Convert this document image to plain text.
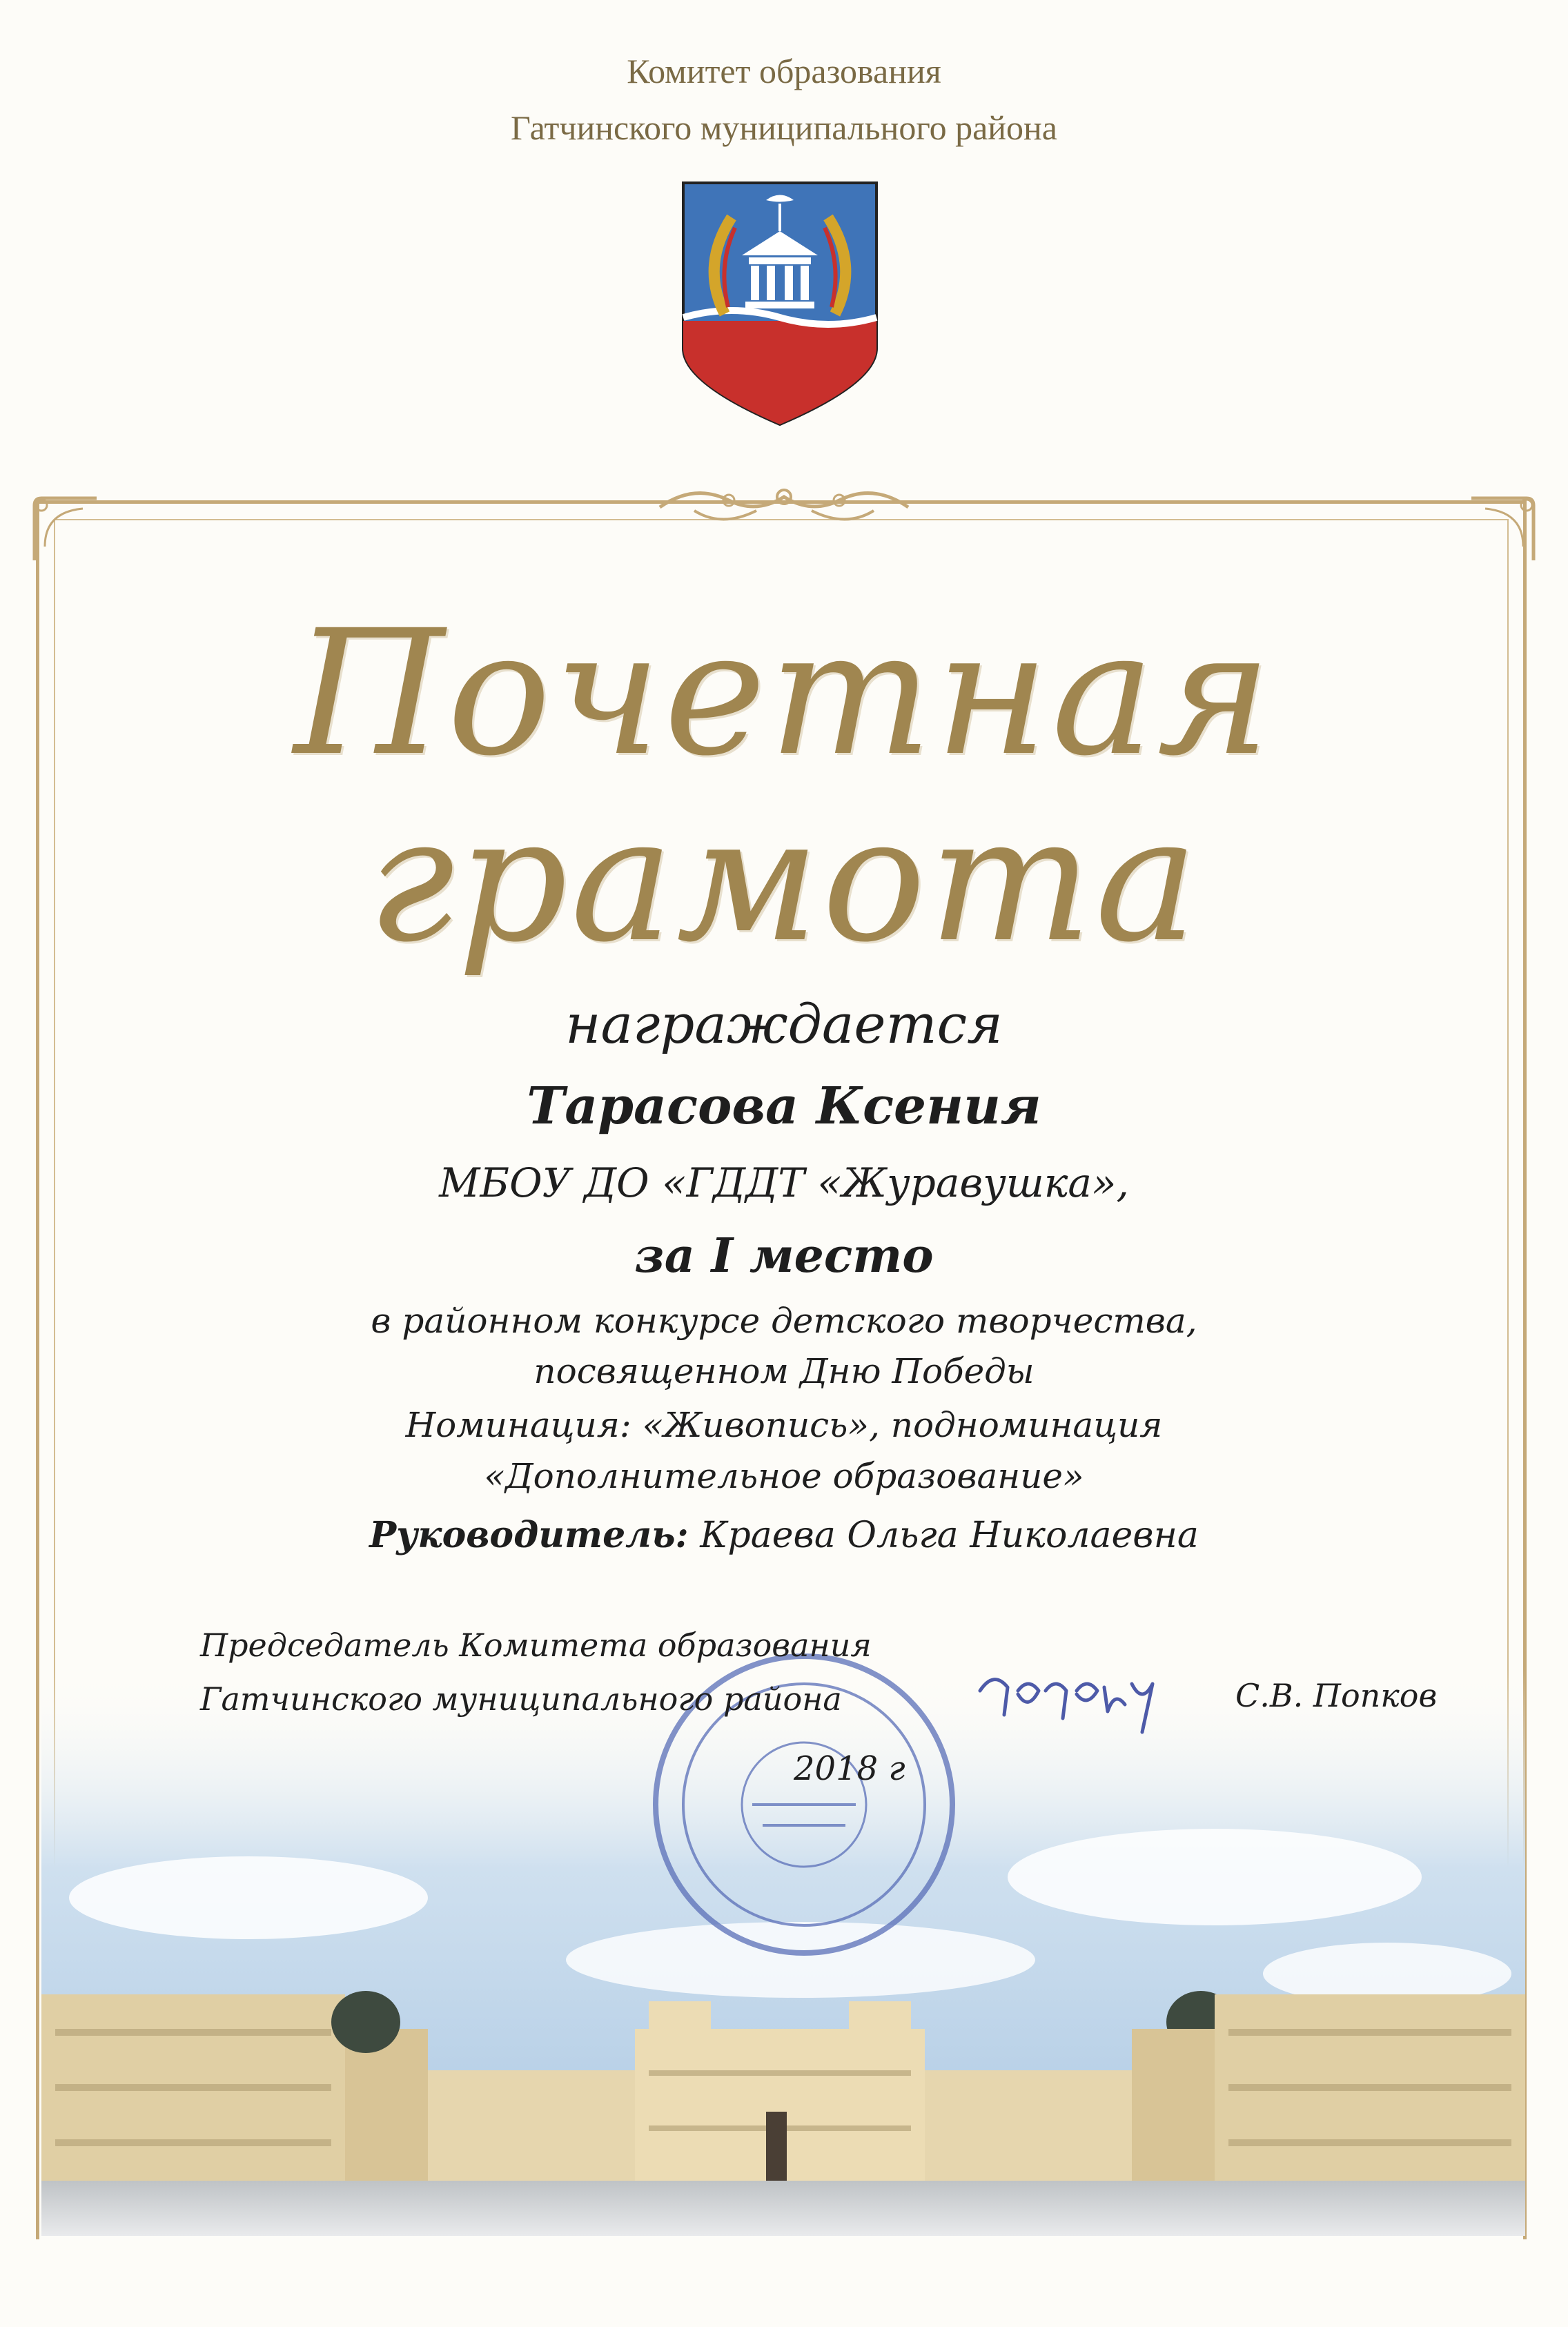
Комитет образования
Гатчинского муниципального района
Почетная
грамота
награждается
Тарасова Ксения
МБОУ ДО «ГДДТ «Журавушка»,
за I место
в районном конкурсе детского творчества,
посвященном Дню Победы
Номинация: «Живопись», подноминация
«Дополнительное образование»
Руководитель: Краева Ольга Николаевна
Председатель Комитета образования
Гатчинского муниципального района	С.В. Попков
2018 г
